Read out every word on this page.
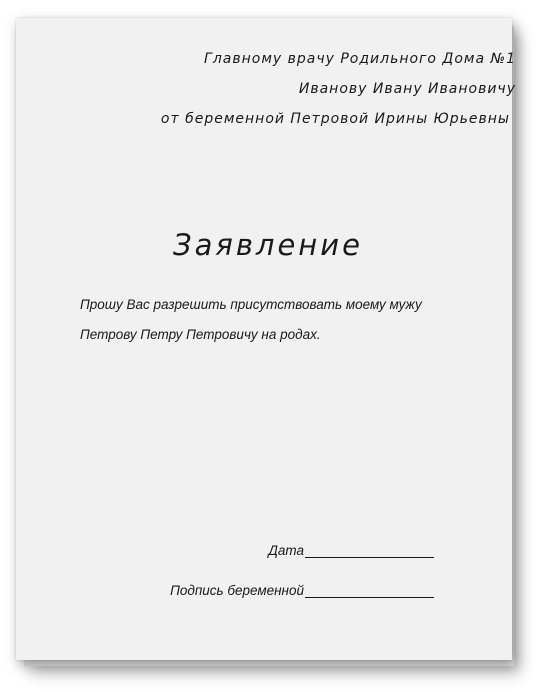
Главному врачу Родильного Дома №1
Иванову Ивану Ивановичу
от беременной Петровой Ирины Юрьевны
Заявление
Прошу Вас разрешить присутствовать моему мужу
Петрову Петру Петровичу на родах.
Дата
Подпись беременной
